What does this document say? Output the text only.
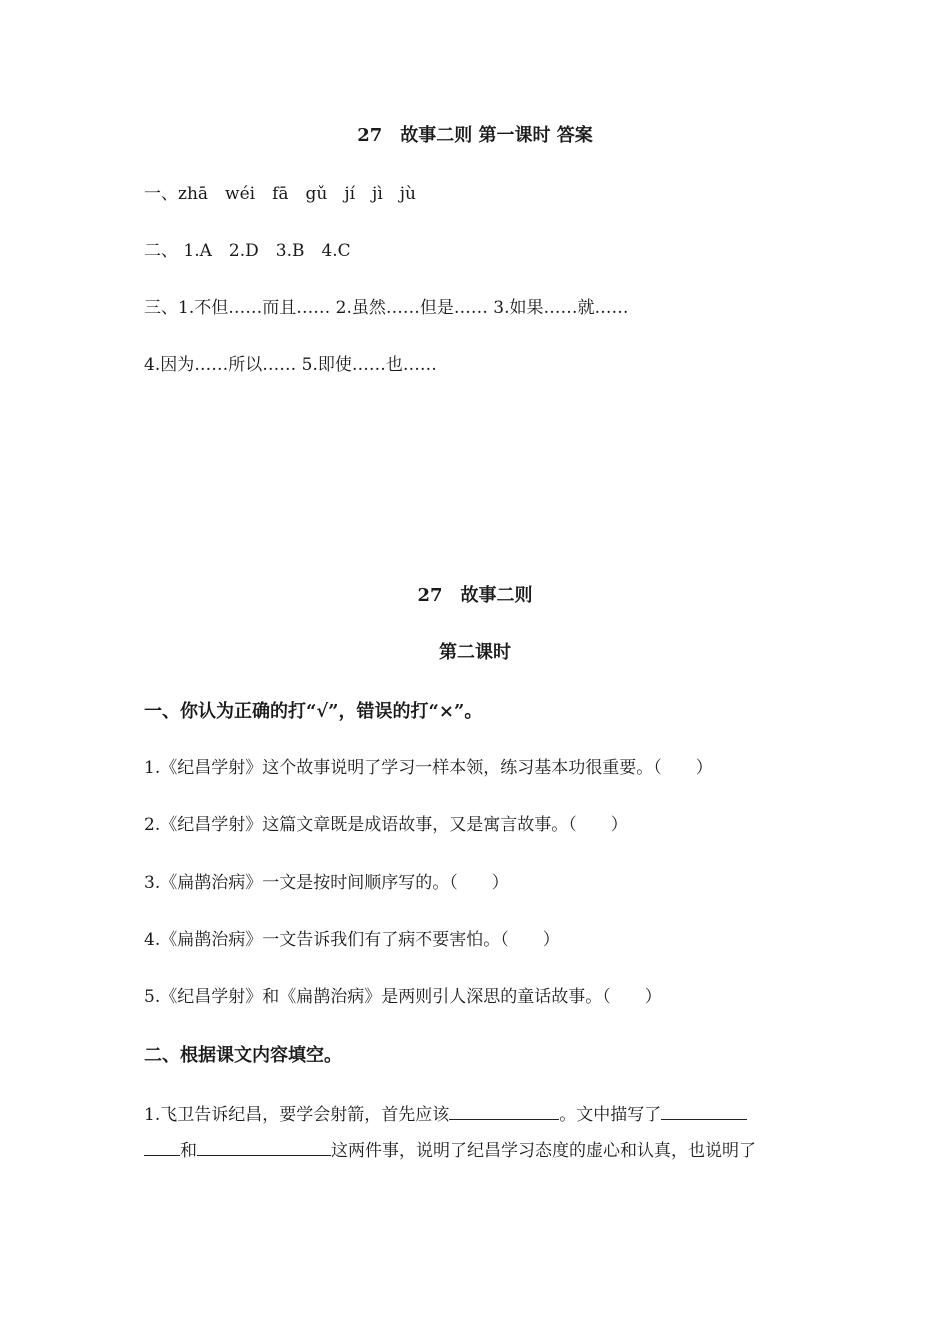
27　故事二则 第一课时 答案
一、zhā　wéi　fā　gǔ　jí　jì　jù
二、 1.A　2.D　3.B　4.C
三、1.不但……而且…… 2.虽然……但是…… 3.如果……就……
4.因为……所以…… 5.即使……也……
27　故事二则
第二课时
一、你认为正确的打“√”，错误的打“×”。
1.《纪昌学射》这个故事说明了学习一样本领，练习基本功很重要。（　　）
2.《纪昌学射》这篇文章既是成语故事，又是寓言故事。（　　）
3.《扁鹊治病》一文是按时间顺序写的。（　　）
4.《扁鹊治病》一文告诉我们有了病不要害怕。（　　）
5.《纪昌学射》和《扁鹊治病》是两则引人深思的童话故事。（　　）
二、根据课文内容填空。
1.飞卫告诉纪昌，要学会射箭，首先应该	。文中描写了
和	这两件事，说明了纪昌学习态度的虚心和认真，也说明了
